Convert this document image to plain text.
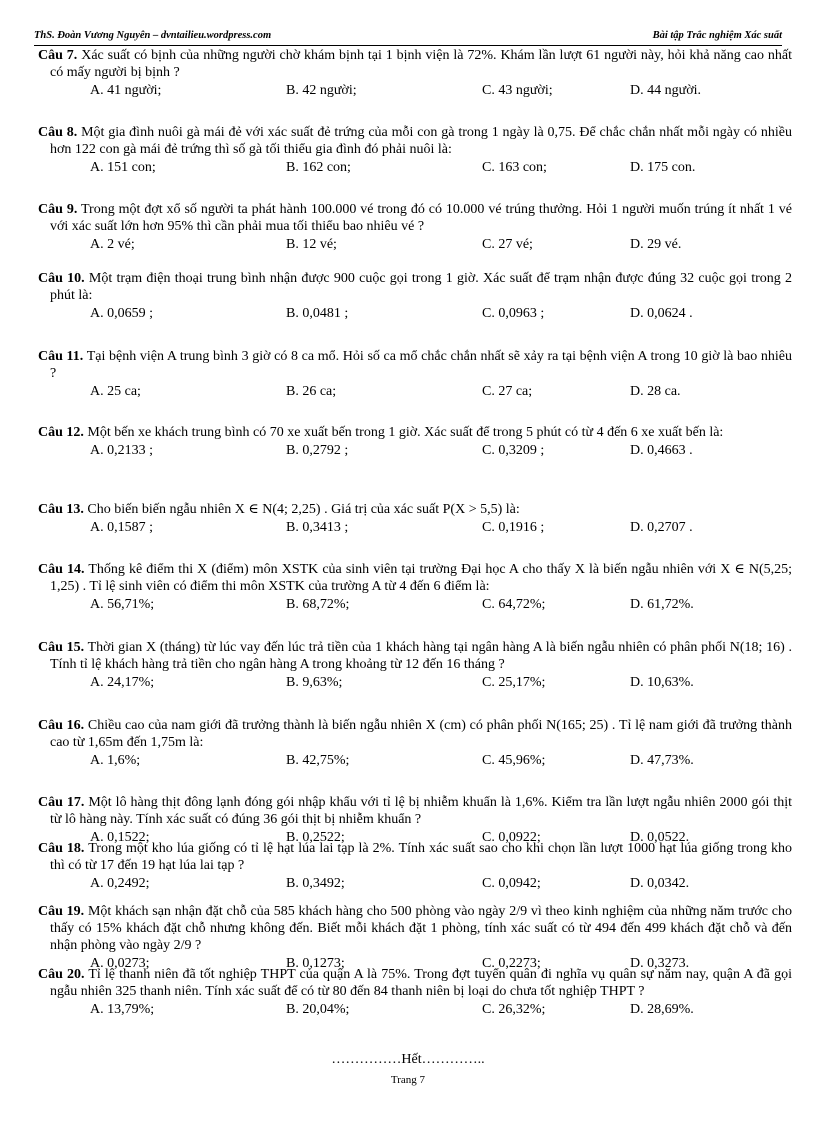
ThS. Đoàn Vương Nguyên – dvntailieu.wordpress.com	Bài tập Trắc nghiệm Xác suất
Câu 7. Xác suất có bịnh của những người chờ khám bịnh tại 1 bịnh viện là 72%. Khám lần lượt 61 người này, hỏi khả năng cao nhất có mấy người bị bịnh ?
A. 41 người;	B. 42 người;	C. 43 người;	D. 44 người.
Câu 8. Một gia đình nuôi gà mái đẻ với xác suất đẻ trứng của mỗi con gà trong 1 ngày là 0,75. Để chắc chắn nhất mỗi ngày có nhiều hơn 122 con gà mái đẻ trứng thì số gà tối thiểu gia đình đó phải nuôi là:
A. 151 con;	B. 162 con;	C. 163 con;	D. 175 con.
Câu 9. Trong một đợt xổ số người ta phát hành 100.000 vé trong đó có 10.000 vé trúng thưởng. Hỏi 1 người muốn trúng ít nhất 1 vé với xác suất lớn hơn 95% thì cần phải mua tối thiểu bao nhiêu vé ?
A. 2 vé;	B. 12 vé;	C. 27 vé;	D. 29 vé.
Câu 10. Một trạm điện thoại trung bình nhận được 900 cuộc gọi trong 1 giờ. Xác suất để trạm nhận được đúng 32 cuộc gọi trong 2 phút là:
A. 0,0659 ;	B. 0,0481 ;	C. 0,0963 ;	D. 0,0624 .
Câu 11. Tại bệnh viện A trung bình 3 giờ có 8 ca mổ. Hỏi số ca mổ chắc chắn nhất sẽ xảy ra tại bệnh viện A trong 10 giờ là bao nhiêu ?
A. 25 ca;	B. 26 ca;	C. 27 ca;	D. 28 ca.
Câu 12. Một bến xe khách trung bình có 70 xe xuất bến trong 1 giờ. Xác suất để trong 5 phút có từ 4 đến 6 xe xuất bến là:
A. 0,2133 ;	B. 0,2792 ;	C. 0,3209 ;	D. 0,4663 .
Câu 13. Cho biến biến ngẫu nhiên X ∈ N(4; 2,25) . Giá trị của xác suất P(X > 5,5) là:
A. 0,1587 ;	B. 0,3413 ;	C. 0,1916 ;	D. 0,2707 .
Câu 14. Thống kê điểm thi X (điểm) môn XSTK của sinh viên tại trường Đại học A cho thấy X là biến ngẫu nhiên với X ∈ N(5,25; 1,25) . Tỉ lệ sinh viên có điểm thi môn XSTK của trường A từ 4 đến 6 điểm là:
A. 56,71%;	B. 68,72%;	C. 64,72%;	D. 61,72%.
Câu 15. Thời gian X (tháng) từ lúc vay đến lúc trả tiền của 1 khách hàng tại ngân hàng A là biến ngẫu nhiên có phân phối N(18; 16) . Tính tỉ lệ khách hàng trả tiền cho ngân hàng A trong khoảng từ 12 đến 16 tháng ?
A. 24,17%;	B. 9,63%;	C. 25,17%;	D. 10,63%.
Câu 16. Chiều cao của nam giới đã trưởng thành là biến ngẫu nhiên X (cm) có phân phối N(165; 25) . Tỉ lệ nam giới đã trưởng thành cao từ 1,65m đến 1,75m là:
A. 1,6%;	B. 42,75%;	C. 45,96%;	D. 47,73%.
Câu 17. Một lô hàng thịt đông lạnh đóng gói nhập khẩu với tỉ lệ bị nhiễm khuẩn là 1,6%. Kiểm tra lần lượt ngẫu nhiên 2000 gói thịt từ lô hàng này. Tính xác suất có đúng 36 gói thịt bị nhiễm khuẩn ?
A. 0,1522;	B. 0,2522;	C. 0,0922;	D. 0,0522.
Câu 18. Trong một kho lúa giống có tỉ lệ hạt lúa lai tạp là 2%. Tính xác suất sao cho khi chọn lần lượt 1000 hạt lúa giống trong kho thì có từ 17 đến 19 hạt lúa lai tạp ?
A. 0,2492;	B. 0,3492;	C. 0,0942;	D. 0,0342.
Câu 19. Một khách sạn nhận đặt chỗ của 585 khách hàng cho 500 phòng vào ngày 2/9 vì theo kinh nghiệm của những năm trước cho thấy có 15% khách đặt chỗ nhưng không đến. Biết mỗi khách đặt 1 phòng, tính xác suất có từ 494 đến 499 khách đặt chỗ và đến nhận phòng vào ngày 2/9 ?
A. 0,0273;	B. 0,1273;	C. 0,2273;	D. 0,3273.
Câu 20. Tỉ lệ thanh niên đã tốt nghiệp THPT của quận A là 75%. Trong đợt tuyển quân đi nghĩa vụ quân sự năm nay, quận A đã gọi ngẫu nhiên 325 thanh niên. Tính xác suất để có từ 80 đến 84 thanh niên bị loại do chưa tốt nghiệp THPT ?
A. 13,79%;	B. 20,04%;	C. 26,32%;	D. 28,69%.
……………Hết…………..
Trang 7
